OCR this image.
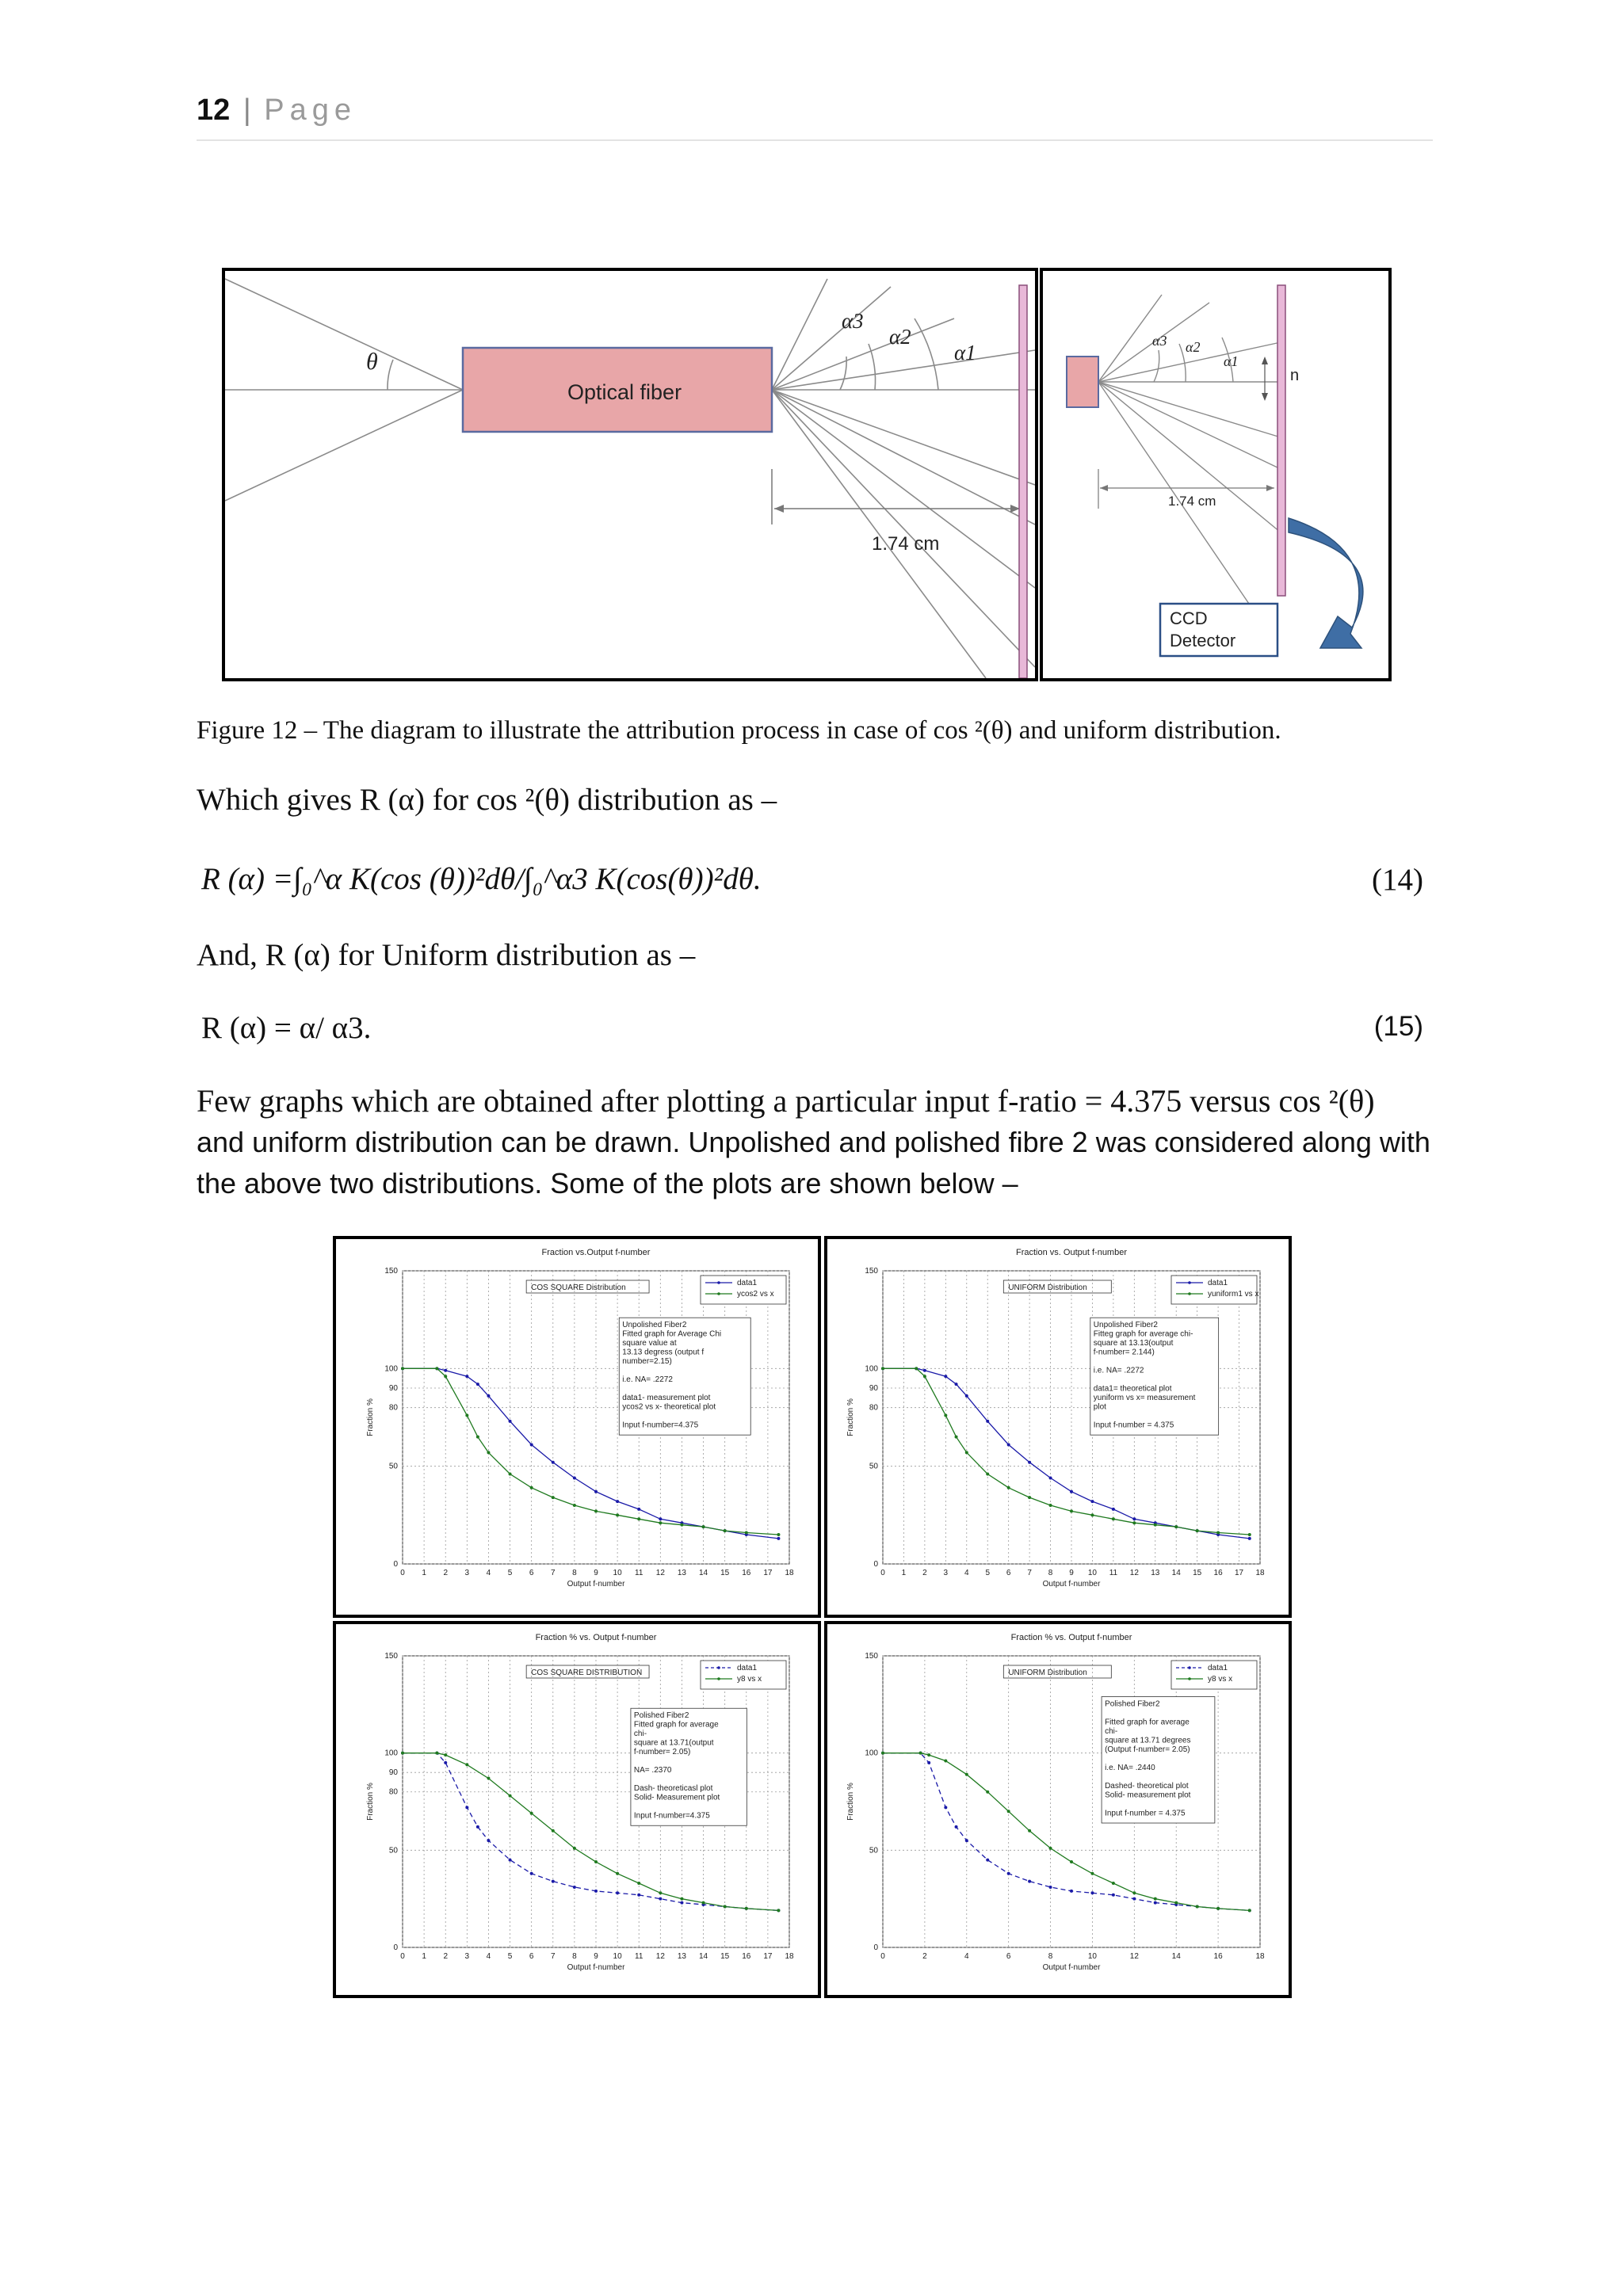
12 | Page
Optical fiber
θ
α3
α2
α1
1.74 cm
α3 α2
α1
n
1.74 cm
CCD
Detector
Figure 12 – The diagram to illustrate the attribution process in case of cos ²(θ) and uniform distribution.
Which gives R (α) for cos ²(θ) distribution as –
R (α) =∫₀^α K(cos (θ))²dθ/∫₀^α3 K(cos(θ))²dθ.	(14)
And, R (α) for Uniform distribution as –
R (α) = α/ α3.	(15)
Few graphs which are obtained after plotting a particular input f-ratio = 4.375 versus cos ²(θ)
and uniform distribution can be drawn. Unpolished and polished fibre 2 was considered along with
the above two distributions. Some of the plots are shown below –
Fraction vs.Output f-number
0 1 2 3 4 5 6 7 8 9 10 11 12 13 14 15 16 17 18
0
50
80
90
100
150
Output f-number
Fraction %
COS SQUARE Distribution
data1
ycos2 vs x
Unpolished Fiber2
Fitted graph for Average Chi
square value at
13.13 degress (output f
number=2.15)
i.e. NA= .2272
data1- measurement plot
ycos2 vs x- theoretical plot
Input f-number=4.375
Fraction vs. Output f-number
0 1 2 3 4 5 6 7 8 9 10 11 12 13 14 15 16 17 18
0
50
80
90
100
150
Output f-number
Fraction %
UNIFORM Distribution
data1
yuniform1 vs x
Unpolished Fiber2
Fitteg graph for average chi-
square at 13.13(output
f-number= 2.144)
i.e. NA= .2272
data1= theoretical plot
yuniform vs x= measurement
plot
Input f-number = 4.375
Fraction % vs. Output f-number
0 1 2 3 4 5 6 7 8 9 10 11 12 13 14 15 16 17 18
0
50
80
90
100
150
Output f-number
Fraction %
COS SQUARE DISTRIBUTION
data1
y8 vs x
Polished Fiber2
Fitted graph for average
chi-
square at 13.71(output
f-number= 2.05)
NA= .2370
Dash- theoreticasl plot
Solid- Measurement plot
Input f-number=4.375
Fraction % vs. Output f-number
0	2	4	6	8	10	12	14	16	18
0
50
100
150
Output f-number
Fraction %
UNIFORM Distribution
data1
y8 vs x
Polished Fiber2
Fitted graph for average
chi-
square at 13.71 degrees
(Output f-number= 2.05)
i.e. NA= .2440
Dashed- theoretical plot
Solid- measurement plot
Input f-number = 4.375
